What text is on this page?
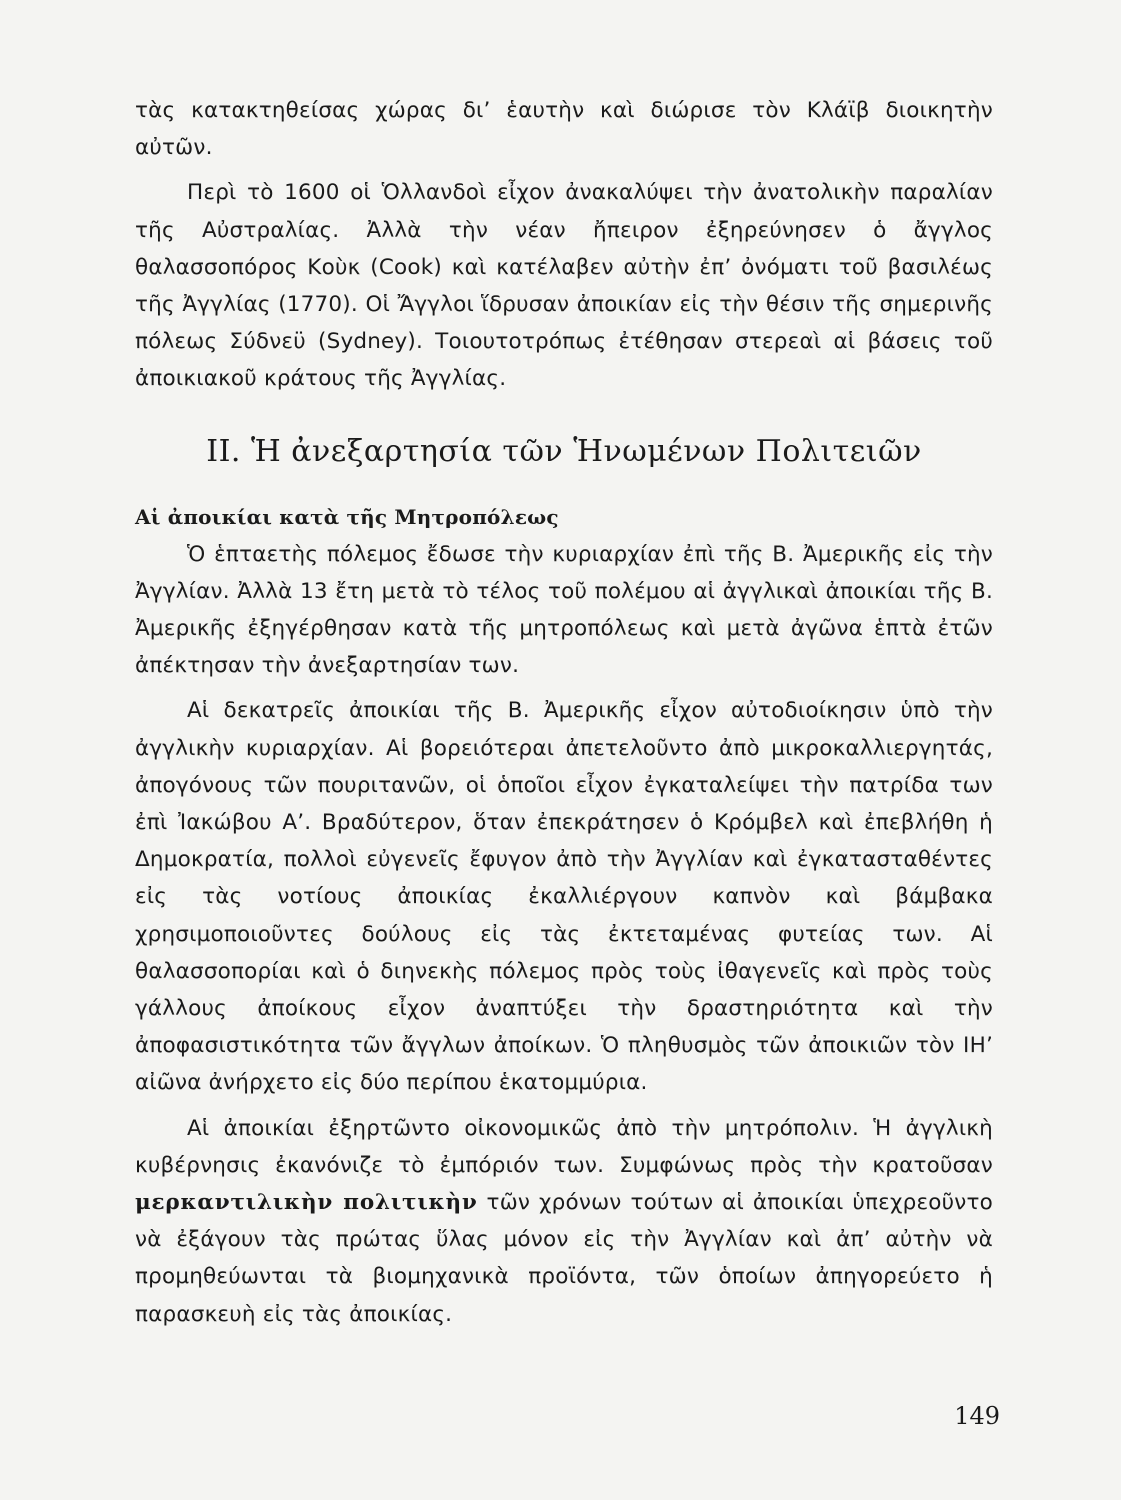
τὰς κατακτηθείσας χώρας δι’ ἑαυτὴν καὶ διώρισε τὸν Κλάϊβ διοικητὴν αὐτῶν.

Περὶ τὸ 1600 οἱ Ὁλλανδοὶ εἶχον ἀνακαλύψει τὴν ἀνατολικὴν παραλίαν τῆς Αὐστραλίας. Ἀλλὰ τὴν νέαν ἤπειρον ἐξηρεύνησεν ὁ ἄγγλος θαλασσοπόρος Κοὺκ (Cook) καὶ κατέλαβεν αὐτὴν ἐπ’ ὀνόματι τοῦ βασιλέως τῆς Ἀγγλίας (1770). Οἱ Ἄγγλοι ἵδρυσαν ἀποικίαν εἰς τὴν θέσιν τῆς σημερινῆς πόλεως Σύδνεϋ (Sydney). Τοιουτοτρόπως ἐτέθησαν στερεαὶ αἱ βάσεις τοῦ ἀποικιακοῦ κράτους τῆς Ἀγγλίας.

II. Ἡ ἀνεξαρτησία τῶν Ἡνωμένων Πολιτειῶν
Αἱ ἀποικίαι κατὰ τῆς Μητροπόλεως

Ὁ ἑπταετὴς πόλεμος ἔδωσε τὴν κυριαρχίαν ἐπὶ τῆς Β. Ἀμερικῆς εἰς τὴν Ἀγγλίαν. Ἀλλὰ 13 ἔτη μετὰ τὸ τέλος τοῦ πολέμου αἱ ἀγγλικαὶ ἀποικίαι τῆς Β. Ἀμερικῆς ἐξηγέρθησαν κατὰ τῆς μητροπόλεως καὶ μετὰ ἀγῶνα ἑπτὰ ἐτῶν ἀπέκτησαν τὴν ἀνεξαρτησίαν των.

Αἱ δεκατρεῖς ἀποικίαι τῆς Β. Ἀμερικῆς εἶχον αὐτοδιοίκησιν ὑπὸ τὴν ἀγγλικὴν κυριαρχίαν. Αἱ βορειότεραι ἀπετελοῦντο ἀπὸ μικροκαλλιεργητάς, ἀπογόνους τῶν πουριτανῶν, οἱ ὁποῖοι εἶχον ἐγκαταλείψει τὴν πατρίδα των ἐπὶ Ἰακώβου Α’. Βραδύτερον, ὅταν ἐπεκράτησεν ὁ Κρόμβελ καὶ ἐπεβλήθη ἡ Δημοκρατία, πολλοὶ εὐγενεῖς ἔφυγον ἀπὸ τὴν Ἀγγλίαν καὶ ἐγκατασταθέντες εἰς τὰς νοτίους ἀποικίας ἐκαλλιέργουν καπνὸν καὶ βάμβακα χρησιμοποιοῦντες δούλους εἰς τὰς ἐκτεταμένας φυτείας των. Αἱ θαλασσοπορίαι καὶ ὁ διηνεκὴς πόλεμος πρὸς τοὺς ἰθαγενεῖς καὶ πρὸς τοὺς γάλλους ἀποίκους εἶχον ἀναπτύξει τὴν δραστηριότητα καὶ τὴν ἀποφασιστικότητα τῶν ἄγγλων ἀποίκων. Ὁ πληθυσμὸς τῶν ἀποικιῶν τὸν ΙΗ’ αἰῶνα ἀνήρχετο εἰς δύο περίπου ἑκατομμύρια.

Αἱ ἀποικίαι ἐξηρτῶντο οἰκονομικῶς ἀπὸ τὴν μητρόπολιν. Ἡ ἀγγλικὴ κυβέρνησις ἐκανόνιζε τὸ ἐμπόριόν των. Συμφώνως πρὸς τὴν κρατοῦσαν μερκαντιλικὴν πολιτικὴν τῶν χρόνων τούτων αἱ ἀποικίαι ὑπεχρεοῦντο νὰ ἐξάγουν τὰς πρώτας ὕλας μόνον εἰς τὴν Ἀγγλίαν καὶ ἀπ’ αὐτὴν νὰ προμηθεύωνται τὰ βιομηχανικὰ προϊόντα, τῶν ὁποίων ἀπηγορεύετο ἡ παρασκευὴ εἰς τὰς ἀποικίας.

149
